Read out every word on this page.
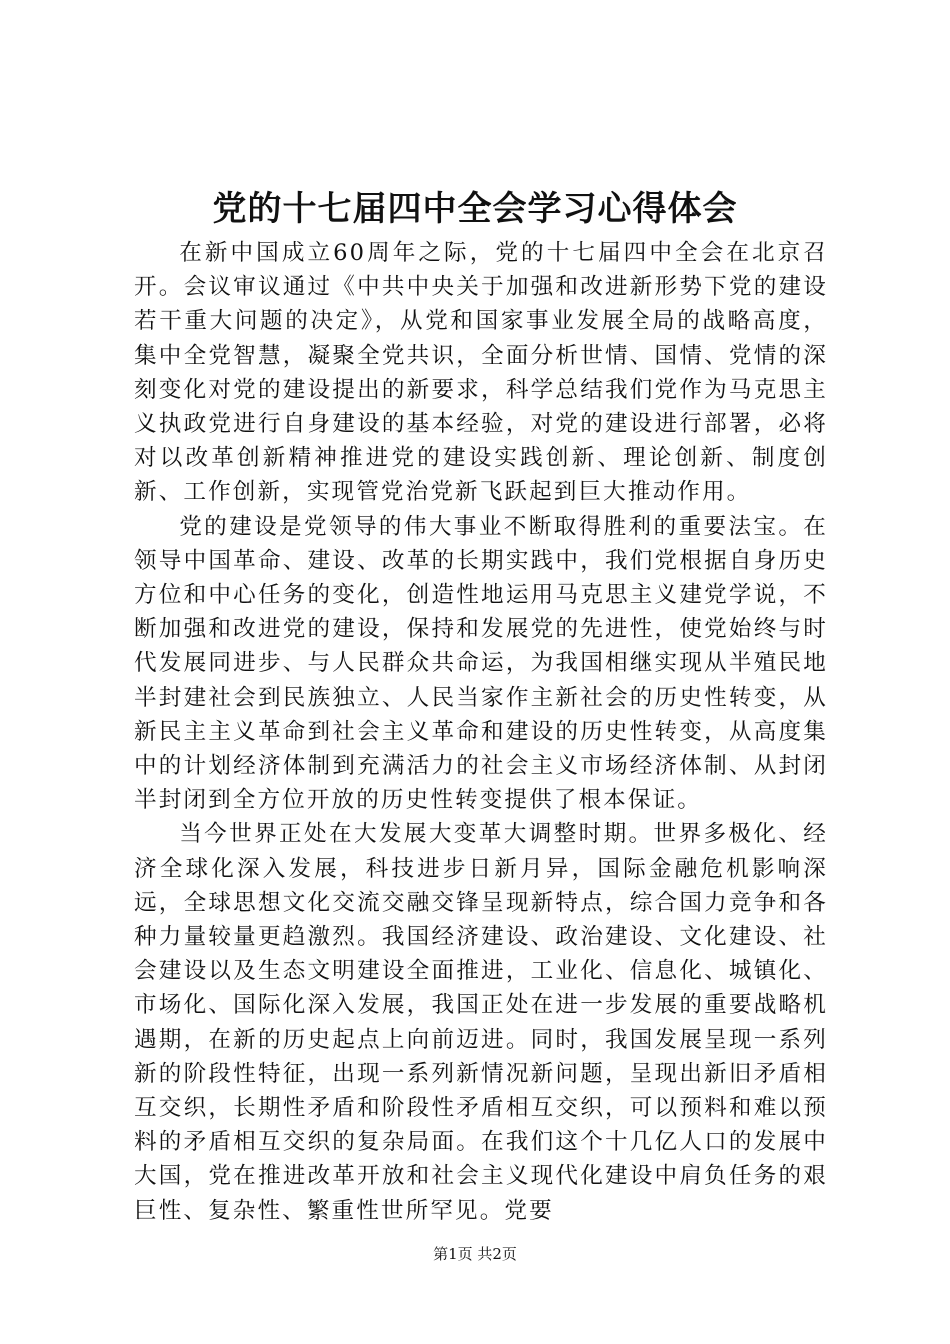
党的十七届四中全会学习心得体会

在新中国成立60周年之际，党的十七届四中全会在北京召开。会议审议通过《中共中央关于加强和改进新形势下党的建设若干重大问题的决定》，从党和国家事业发展全局的战略高度，集中全党智慧，凝聚全党共识，全面分析世情、国情、党情的深刻变化对党的建设提出的新要求，科学总结我们党作为马克思主义执政党进行自身建设的基本经验，对党的建设进行部署，必将对以改革创新精神推进党的建设实践创新、理论创新、制度创新、工作创新，实现管党治党新飞跃起到巨大推动作用。

党的建设是党领导的伟大事业不断取得胜利的重要法宝。在领导中国革命、建设、改革的长期实践中，我们党根据自身历史方位和中心任务的变化，创造性地运用马克思主义建党学说，不断加强和改进党的建设，保持和发展党的先进性，使党始终与时代发展同进步、与人民群众共命运，为我国相继实现从半殖民地半封建社会到民族独立、人民当家作主新社会的历史性转变，从新民主主义革命到社会主义革命和建设的历史性转变，从高度集中的计划经济体制到充满活力的社会主义市场经济体制、从封闭半封闭到全方位开放的历史性转变提供了根本保证。

当今世界正处在大发展大变革大调整时期。世界多极化、经济全球化深入发展，科技进步日新月异，国际金融危机影响深远，全球思想文化交流交融交锋呈现新特点，综合国力竞争和各种力量较量更趋激烈。我国经济建设、政治建设、文化建设、社会建设以及生态文明建设全面推进，工业化、信息化、城镇化、市场化、国际化深入发展，我国正处在进一步发展的重要战略机遇期，在新的历史起点上向前迈进。同时，我国发展呈现一系列新的阶段性特征，出现一系列新情况新问题，呈现出新旧矛盾相互交织，长期性矛盾和阶段性矛盾相互交织，可以预料和难以预料的矛盾相互交织的复杂局面。在我们这个十几亿人口的发展中大国，党在推进改革开放和社会主义现代化建设中肩负任务的艰巨性、复杂性、繁重性世所罕见。党要

第1页 共2页
